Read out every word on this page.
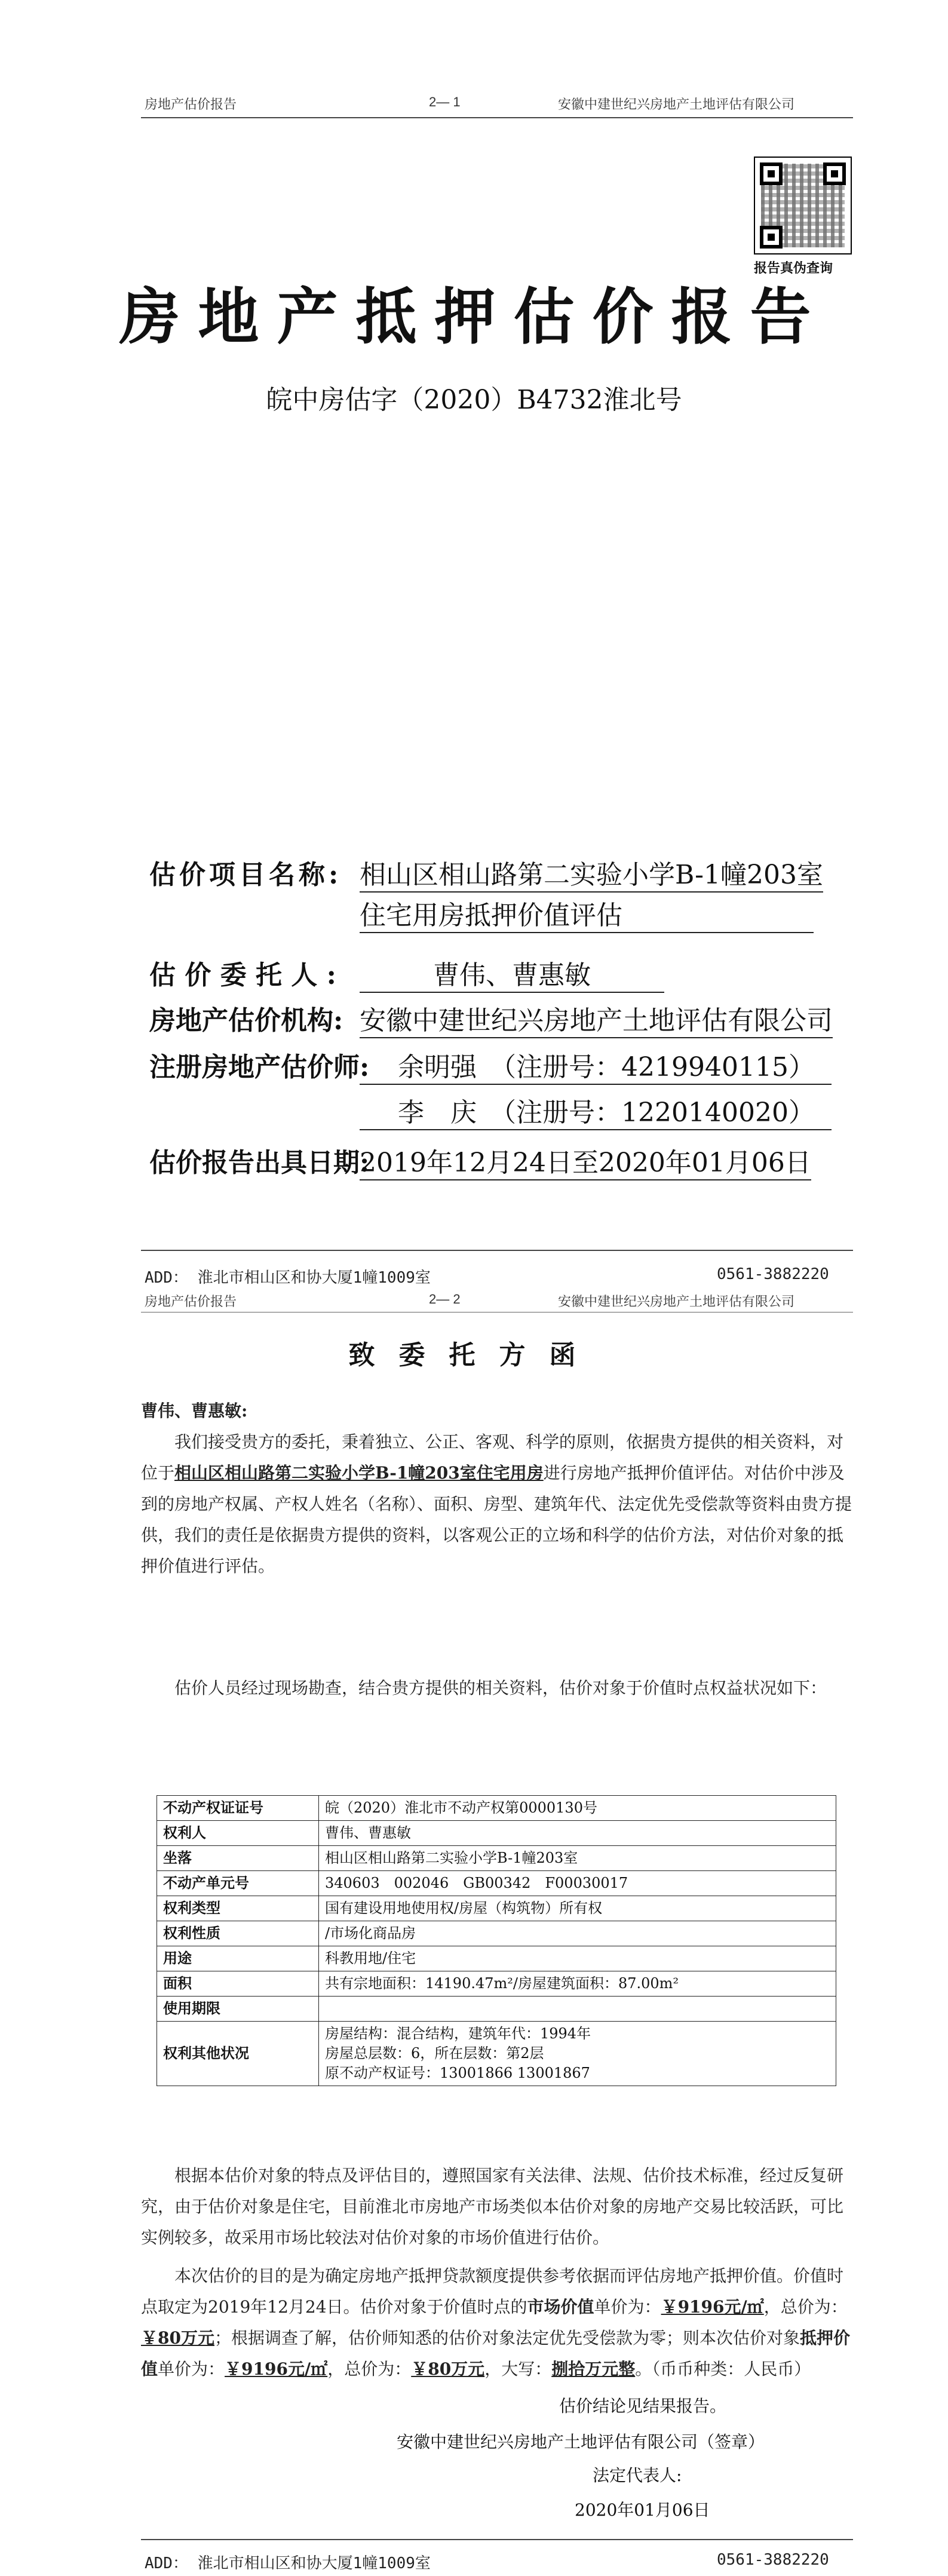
房地产估价报告	2— 1	安徽中建世纪兴房地产土地评估有限公司
报告真伪查询
房地产抵押估价报告
皖中房估字（2020）B4732淮北号
估价项目名称: 相山区相山路第二实验小学B-1幢203室
住宅用房抵押价值评估
估 价 委 托 人 :	曹伟、曹惠敏
房地产估价机构: 安徽中建世纪兴房地产土地评估有限公司
注册房地产估价师:	余明强　（注册号：4219940115）
李　庆　（注册号：1220140020）
估价报告出具日期:
2019年12月24日至2020年01月06日
ADD： 淮北市相山区和协大厦1幢1009室	0561-3882220
房地产估价报告	2— 2	安徽中建世纪兴房地产土地评估有限公司
致委托方函
曹伟、曹惠敏:
我们接受贵方的委托，秉着独立、公正、客观、科学的原则，依据贵方提供的相关资料，对位于相山区相山路第二实验小学B-1幢203室住宅用房进行房地产抵押价值评估。对估价中涉及到的房地产权属、产权人姓名（名称）、面积、房型、建筑年代、法定优先受偿款等资料由贵方提供，我们的责任是依据贵方提供的资料，以客观公正的立场和科学的估价方法，对估价对象的抵押价值进行评估。
估价人员经过现场勘查，结合贵方提供的相关资料，估价对象于价值时点权益状况如下：
不动产权证证号	皖（2020）淮北市不动产权第0000130号
权利人	曹伟、曹惠敏
坐落	相山区相山路第二实验小学B-1幢203室
不动产单元号	340603　002046　GB00342　F00030017
权利类型	国有建设用地使用权/房屋（构筑物）所有权
权利性质	/市场化商品房
用途	科教用地/住宅
面积	共有宗地面积：14190.47m²/房屋建筑面积：87.00m²
使用期限	
权利其他状况	房屋结构：混合结构，建筑年代：1994年
房屋总层数：6，所在层数：第2层
原不动产权证号：13001866 13001867
根据本估价对象的特点及评估目的，遵照国家有关法律、法规、估价技术标准，经过反复研究，由于估价对象是住宅，目前淮北市房地产市场类似本估价对象的房地产交易比较活跃，可比实例较多，故采用市场比较法对估价对象的市场价值进行估价。
本次估价的目的是为确定房地产抵押贷款额度提供参考依据而评估房地产抵押价值。价值时点取定为2019年12月24日。估价对象于价值时点的市场价值单价为：￥9196元/㎡，总价为：￥80万元；根据调查了解，估价师知悉的估价对象法定优先受偿款为零；则本次估价对象抵押价值单价为：￥9196元/㎡，总价为：￥80万元，大写：捌拾万元整。（币币种类：人民币）
估价结论见结果报告。
安徽中建世纪兴房地产土地评估有限公司（签章）
法定代表人:
2020年01月06日
ADD： 淮北市相山区和协大厦1幢1009室	0561-3882220
